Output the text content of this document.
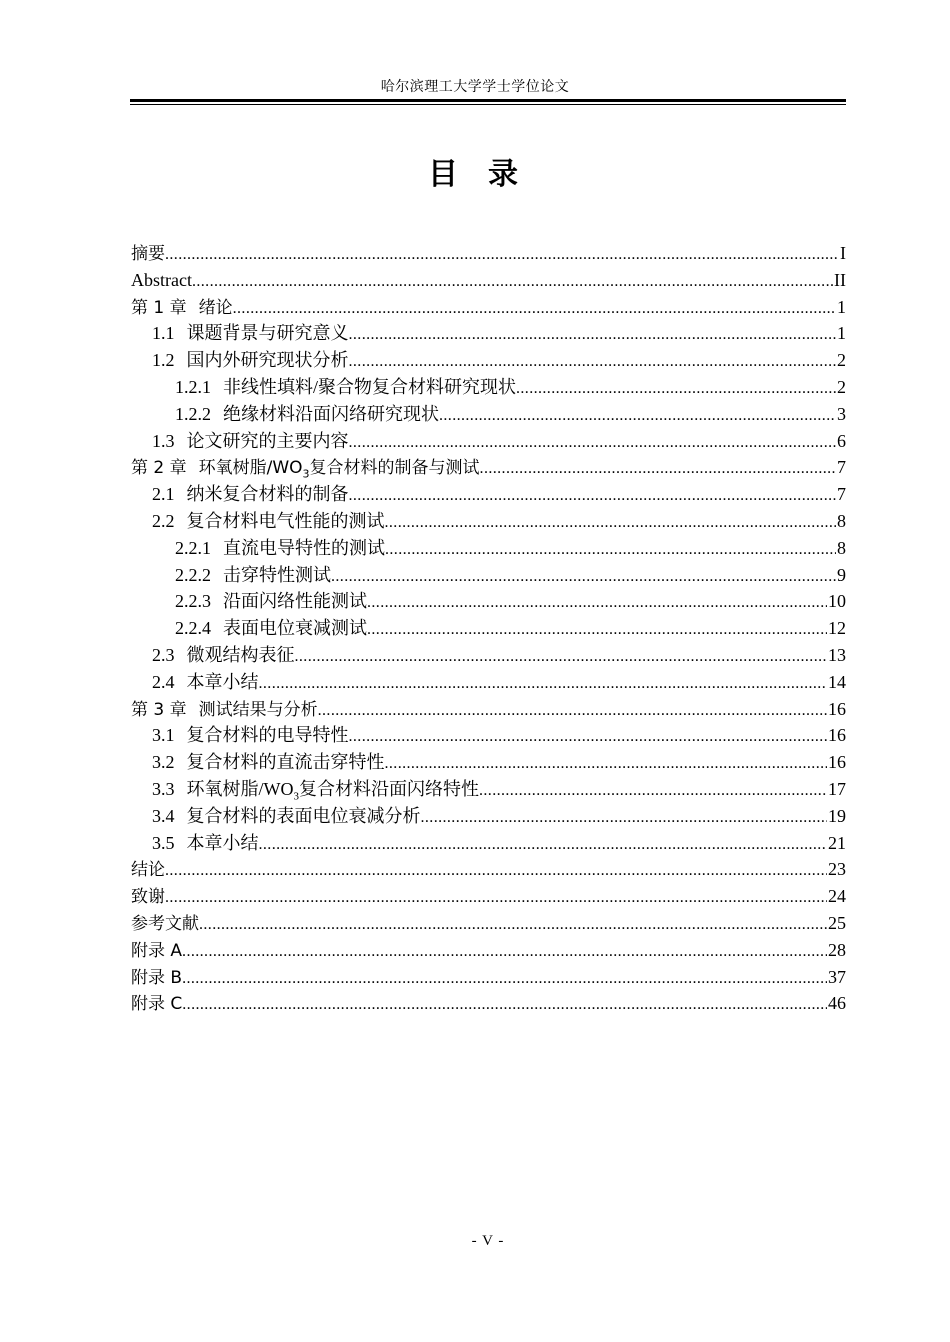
哈尔滨理工大学学士学位论文
目录
摘要 .....	I
Abstract .....	II
第 1 章 绪论 .....	1
1.1 课题背景与研究意义 .....	1
1.2 国内外研究现状分析 .....	2
1.2.1 非线性填料/聚合物复合材料研究现状 .....	2
1.2.2 绝缘材料沿面闪络研究现状 .....	3
1.3 论文研究的主要内容 .....	6
第 2 章 环氧树脂$/WO_3$复合材料的制备与测试 .....	7
2.1 纳米复合材料的制备 .....	7
2.2 复合材料电气性能的测试 .....	8
2.2.1 直流电导特性的测试 .....	8
2.2.2 击穿特性测试 .....	9
2.2.3 沿面闪络性能测试 .....	10
2.2.4 表面电位衰减测试 .....	12
2.3 微观结构表征 .....	13
2.4 本章小结 .....	14
第 3 章 测试结果与分析 .....	16
3.1 复合材料的电导特性 .....	16
3.2 复合材料的直流击穿特性 .....	16
3.3 环氧树脂$/WO_3$复合材料沿面闪络特性 .....	17
3.4 复合材料的表面电位衰减分析 .....	19
3.5 本章小结 .....	21
结论 .....	23
致谢 .....	24
参考文献 .....	25
附录 A .....	28
附录 B .....	37
附录 C .....	46
- V -
